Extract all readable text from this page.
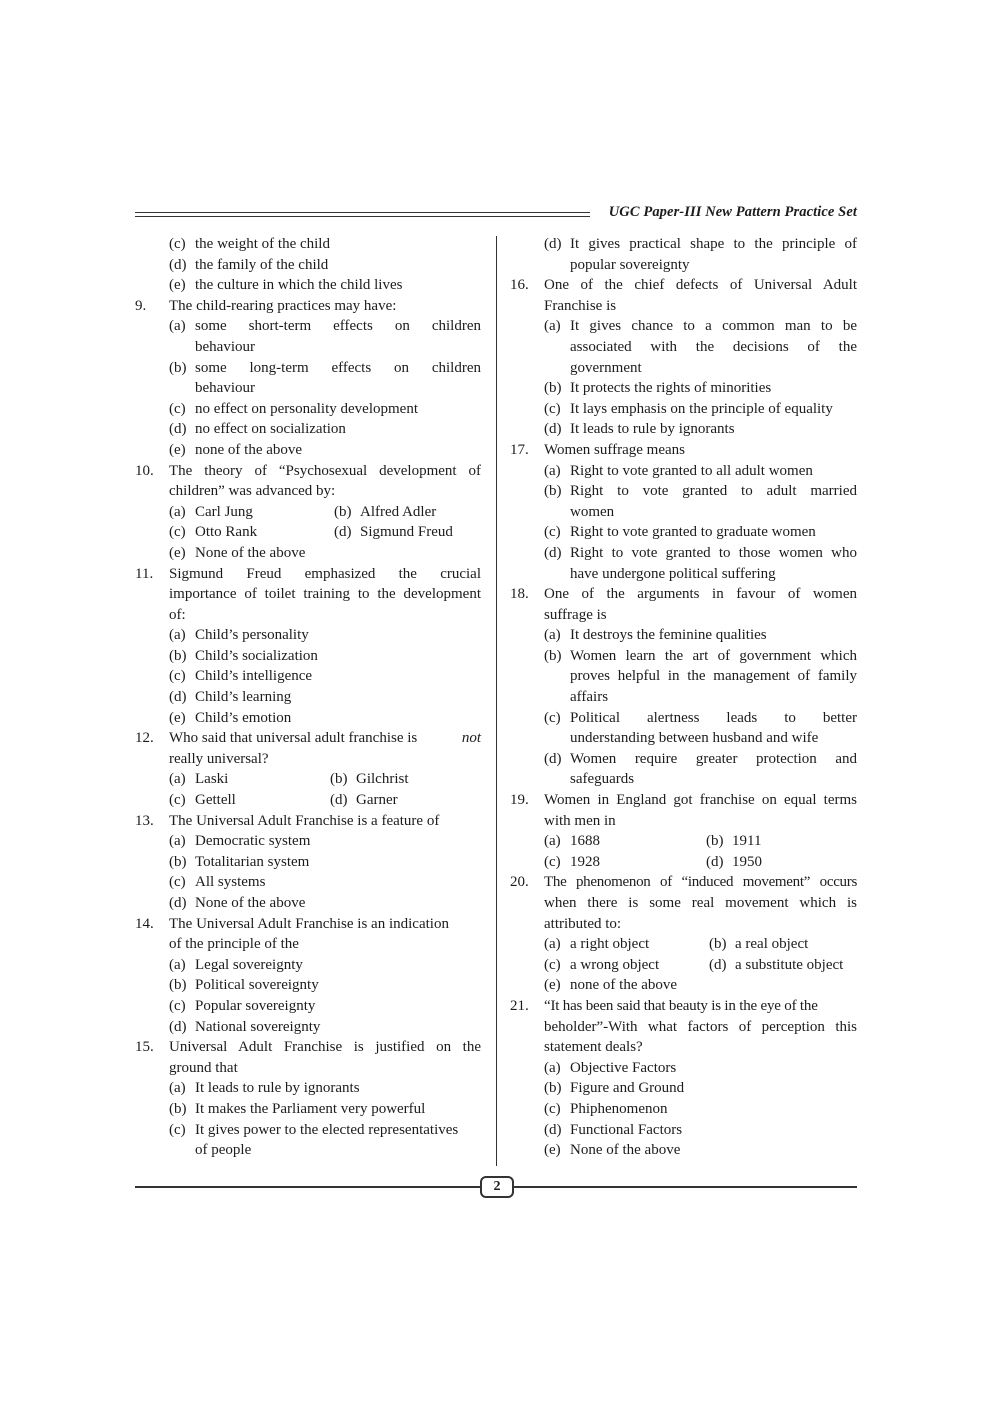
UGC Paper-III New Pattern Practice Set
(c) the weight of the child
(d) the family of the child
(e) the culture in which the child lives
9. The child-rearing practices may have:
(a) some short-term effects on children
behaviour
(b) some long-term effects on children
behaviour
(c) no effect on personality development
(d) no effect on socialization
(e) none of the above
10. The theory of “Psychosexual development of
children” was advanced by:
(a) Carl Jung	(b) Alfred Adler
(c) Otto Rank	(d) Sigmund Freud
(e) None of the above
11. Sigmund Freud emphasized the crucial
importance of toilet training to the development
of:
(a) Child’s personality
(b) Child’s socialization
(c) Child’s intelligence
(d) Child’s learning
(e) Child’s emotion
12. Who said that universal adult franchise is	not
really universal?
(a) Laski	(b) Gilchrist
(c) Gettell	(d) Garner
13. The Universal Adult Franchise is a feature of
(a) Democratic system
(b) Totalitarian system
(c) All systems
(d) None of the above
14. The Universal Adult Franchise is an indication
of the principle of the
(a) Legal sovereignty
(b) Political sovereignty
(c) Popular sovereignty
(d) National sovereignty
15. Universal Adult Franchise is justified on the
ground that
(a) It leads to rule by ignorants
(b) It makes the Parliament very powerful
(c) It gives power to the elected representatives
of people
(d) It gives practical shape to the principle of
popular sovereignty
16. One of the chief defects of Universal Adult
Franchise is
(a) It gives chance to a common man to be
associated with the decisions of the
government
(b) It protects the rights of minorities
(c) It lays emphasis on the principle of equality
(d) It leads to rule by ignorants
17. Women suffrage means
(a) Right to vote granted to all adult women
(b) Right to vote granted to adult married
women
(c) Right to vote granted to graduate women
(d) Right to vote granted to those women who
have undergone political suffering
18. One of the arguments in favour of women
suffrage is
(a) It destroys the feminine qualities
(b) Women learn the art of government which
proves helpful in the management of family
affairs
(c) Political alertness leads to better
understanding between husband and wife
(d) Women require greater protection and
safeguards
19. Women in England got franchise on equal terms
with men in
(a) 1688	(b) 1911
(c) 1928	(d) 1950
20. The phenomenon of “induced movement” occurs
when there is some real movement which is
attributed to:
(a) a right object	(b) a real object
(c) a wrong object	(d) a substitute object
(e) none of the above
21. “It has been said that beauty is in the eye of the
beholder”-With what factors of perception this
statement deals?
(a) Objective Factors
(b) Figure and Ground
(c) Phiphenomenon
(d) Functional Factors
(e) None of the above
2
